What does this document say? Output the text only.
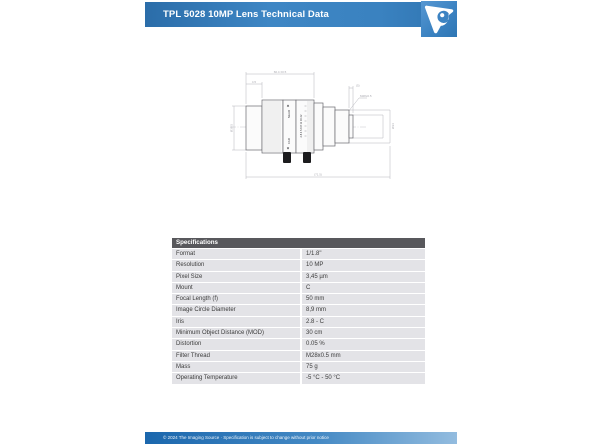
TPL 5028 10MP Lens Technical Data
66.4 ±0.5
4.5
(5)
M28x0.5
Ø39.5	Ø34
(71.5)
NEAR
FAR
2.8 4 5.6 8 11 16 22
Specifications
Format	1/1.8"
Resolution	10 MP
Pixel Size	3,45 µm
Mount	C
Focal Length (f)	50 mm
Image Circle Diameter	8,9 mm
Iris	2.8 - C
Minimum Object Distance (MOD)	30 cm
Distortion	0.05 %
Filter Thread	M28x0.5 mm
Mass	75 g
Operating Temperature	-5 °C - 50 °C
© 2024 The Imaging Source · Specification is subject to change without prior notice
